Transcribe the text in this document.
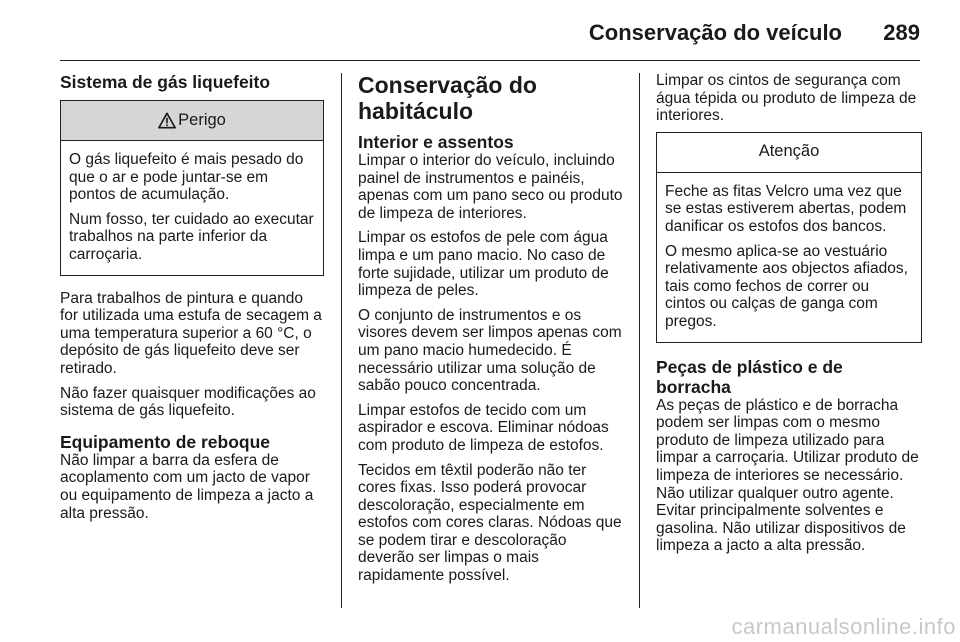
Conservação do veículo 289
Sistema de gás liquefeito
Perigo

O gás liquefeito é mais pesado do que o ar e pode juntar-se em pontos de acumulação.

Num fosso, ter cuidado ao executar trabalhos na parte inferior da carroçaria.

Para trabalhos de pintura e quando for utilizada uma estufa de secagem a uma temperatura superior a 60 °C, o depósito de gás liquefeito deve ser retirado.

Não fazer quaisquer modificações ao sistema de gás liquefeito.

Equipamento de reboque

Não limpar a barra da esfera de acoplamento com um jacto de vapor ou equipamento de limpeza a jacto a alta pressão.

Conservação do habitáculo
Interior e assentos

Limpar o interior do veículo, incluindo painel de instrumentos e painéis, apenas com um pano seco ou produto de limpeza de interiores.

Limpar os estofos de pele com água limpa e um pano macio. No caso de forte sujidade, utilizar um produto de limpeza de peles.

O conjunto de instrumentos e os visores devem ser limpos apenas com um pano macio humedecido. É necessário utilizar uma solução de sabão pouco concentrada.

Limpar estofos de tecido com um aspirador e escova. Eliminar nódoas com produto de limpeza de estofos.

Tecidos em têxtil poderão não ter cores fixas. Isso poderá provocar descoloração, especialmente em estofos com cores claras. Nódoas que se podem tirar e descoloração deverão ser limpas o mais rapidamente possível.

Limpar os cintos de segurança com água tépida ou produto de limpeza de interiores.

Atenção

Feche as fitas Velcro uma vez que se estas estiverem abertas, podem danificar os estofos dos bancos.

O mesmo aplica-se ao vestuário relativamente aos objectos afiados, tais como fechos de correr ou cintos ou calças de ganga com pregos.

Peças de plástico e de borracha

As peças de plástico e de borracha podem ser limpas com o mesmo produto de limpeza utilizado para limpar a carroçaria. Utilizar produto de limpeza de interiores se necessário. Não utilizar qualquer outro agente. Evitar principalmente solventes e gasolina. Não utilizar dispositivos de limpeza a jacto a alta pressão.

carmanualsonline.info
